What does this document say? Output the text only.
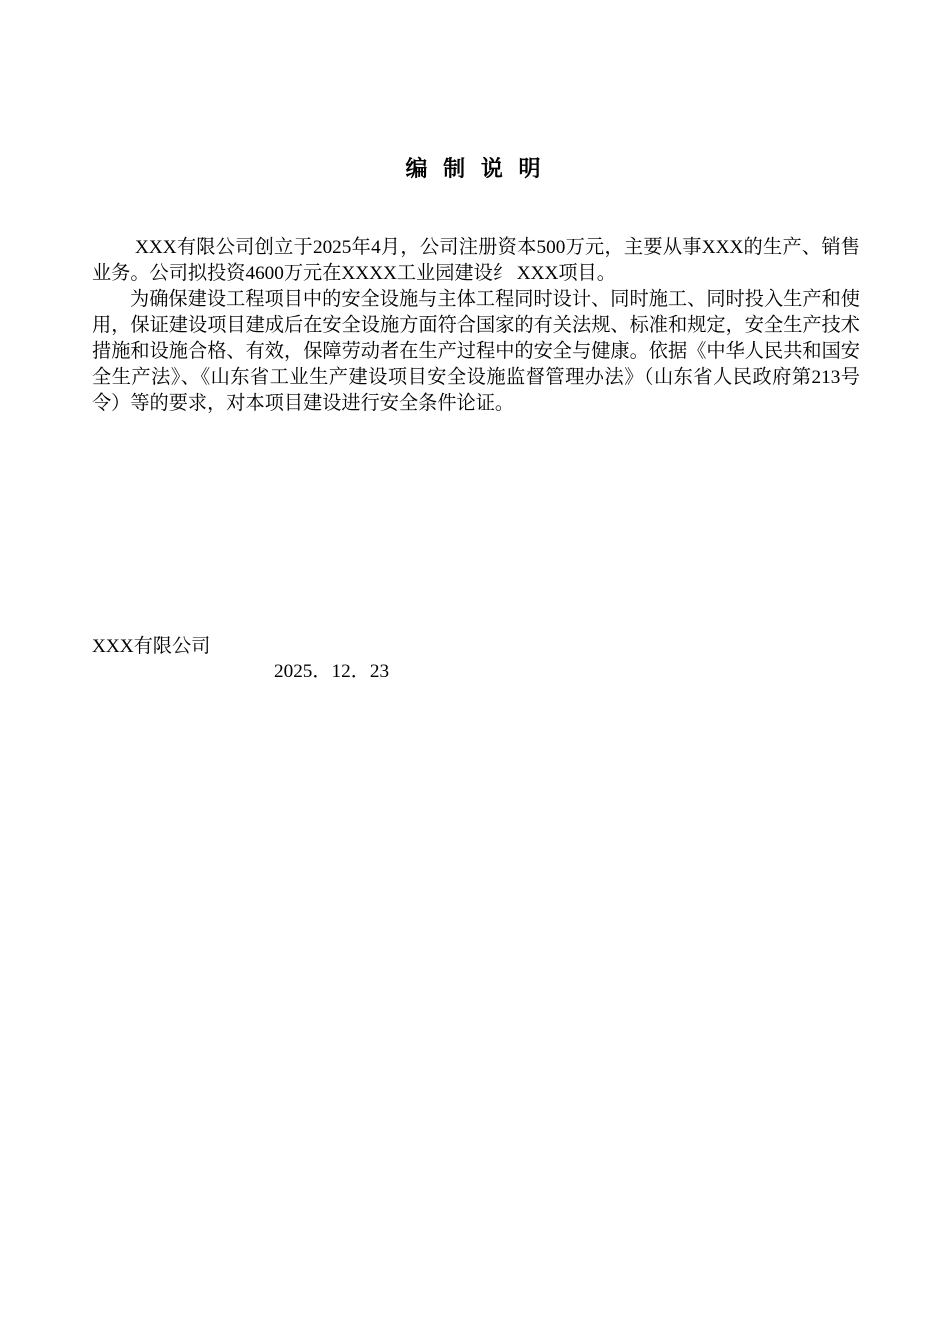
编 制 说 明

XXX有限公司创立于2025年4月，公司注册资本500万元，主要从事XXX的生产、销售业务。公司拟投资4600万元在XXXX工业园建设纟 XXX项目。

为确保建设工程项目中的安全设施与主体工程同时设计、同时施工、同时投入生产和使用，保证建设项目建成后在安全设施方面符合国家的有关法规、标准和规定，安全生产技术措施和设施合格、有效，保障劳动者在生产过程中的安全与健康。依据《中华人民共和国安全生产法》、《山东省工业生产建设项目安全设施监督管理办法》（山东省人民政府第213号令）等的要求，对本项目建设进行安全条件论证。

XXX有限公司
2025．12．23
